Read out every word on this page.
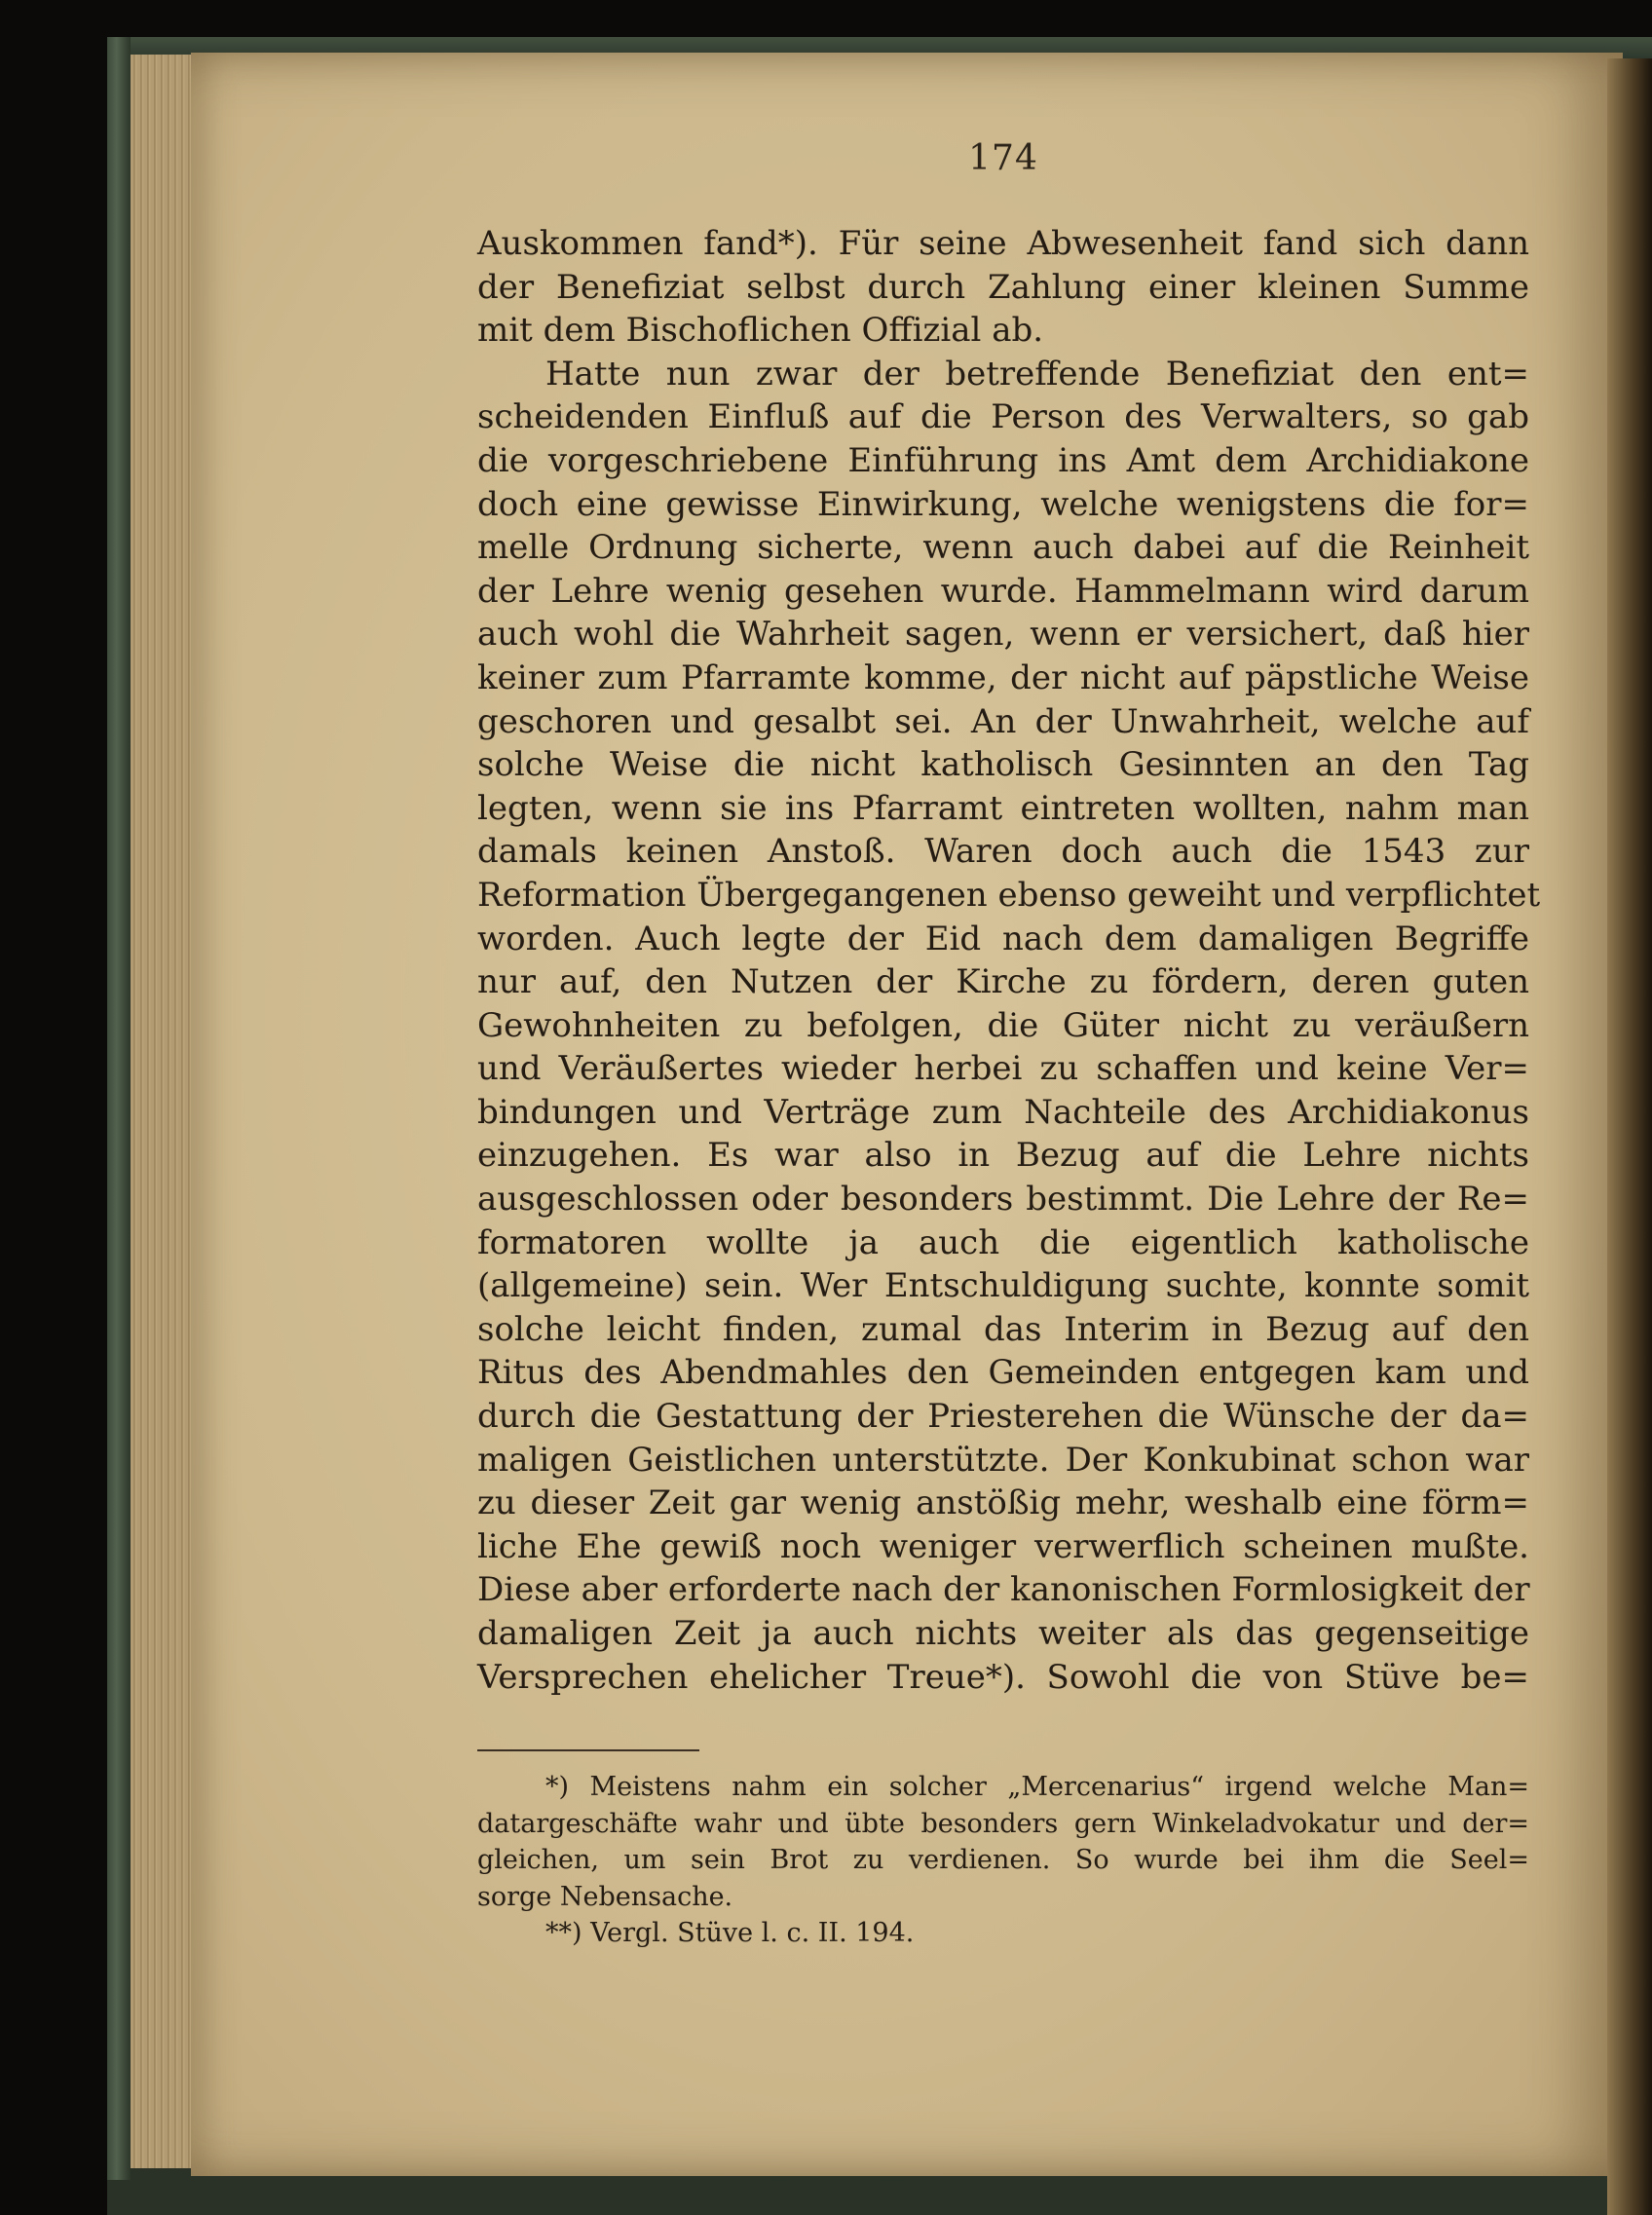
174
Auskommen fand*). Für seine Abwesenheit fand sich dann
der Benefiziat selbst durch Zahlung einer kleinen Summe
mit dem Bischoflichen Offizial ab.
Hatte nun zwar der betreffende Benefiziat den ent=
scheidenden Einfluß auf die Person des Verwalters, so gab
die vorgeschriebene Einführung ins Amt dem Archidiakone
doch eine gewisse Einwirkung, welche wenigstens die for=
melle Ordnung sicherte, wenn auch dabei auf die Reinheit
der Lehre wenig gesehen wurde. Hammelmann wird darum
auch wohl die Wahrheit sagen, wenn er versichert, daß hier
keiner zum Pfarramte komme, der nicht auf päpstliche Weise
geschoren und gesalbt sei. An der Unwahrheit, welche auf
solche Weise die nicht katholisch Gesinnten an den Tag
legten, wenn sie ins Pfarramt eintreten wollten, nahm man
damals keinen Anstoß. Waren doch auch die 1543 zur
Reformation Übergegangenen ebenso geweiht und verpflichtet
worden. Auch legte der Eid nach dem damaligen Begriffe
nur auf, den Nutzen der Kirche zu fördern, deren guten
Gewohnheiten zu befolgen, die Güter nicht zu veräußern
und Veräußertes wieder herbei zu schaffen und keine Ver=
bindungen und Verträge zum Nachteile des Archidiakonus
einzugehen. Es war also in Bezug auf die Lehre nichts
ausgeschlossen oder besonders bestimmt. Die Lehre der Re=
formatoren wollte ja auch die eigentlich katholische
(allgemeine) sein. Wer Entschuldigung suchte, konnte somit
solche leicht finden, zumal das Interim in Bezug auf den
Ritus des Abendmahles den Gemeinden entgegen kam und
durch die Gestattung der Priesterehen die Wünsche der da=
maligen Geistlichen unterstützte. Der Konkubinat schon war
zu dieser Zeit gar wenig anstößig mehr, weshalb eine förm=
liche Ehe gewiß noch weniger verwerflich scheinen mußte.
Diese aber erforderte nach der kanonischen Formlosigkeit der
damaligen Zeit ja auch nichts weiter als das gegenseitige
Versprechen ehelicher Treue*). Sowohl die von Stüve be=
*) Meistens nahm ein solcher „Mercenarius“ irgend welche Man=
datargeschäfte wahr und übte besonders gern Winkeladvokatur und der=
gleichen, um sein Brot zu verdienen. So wurde bei ihm die Seel=
sorge Nebensache.
**) Vergl. Stüve l. c. II. 194.
